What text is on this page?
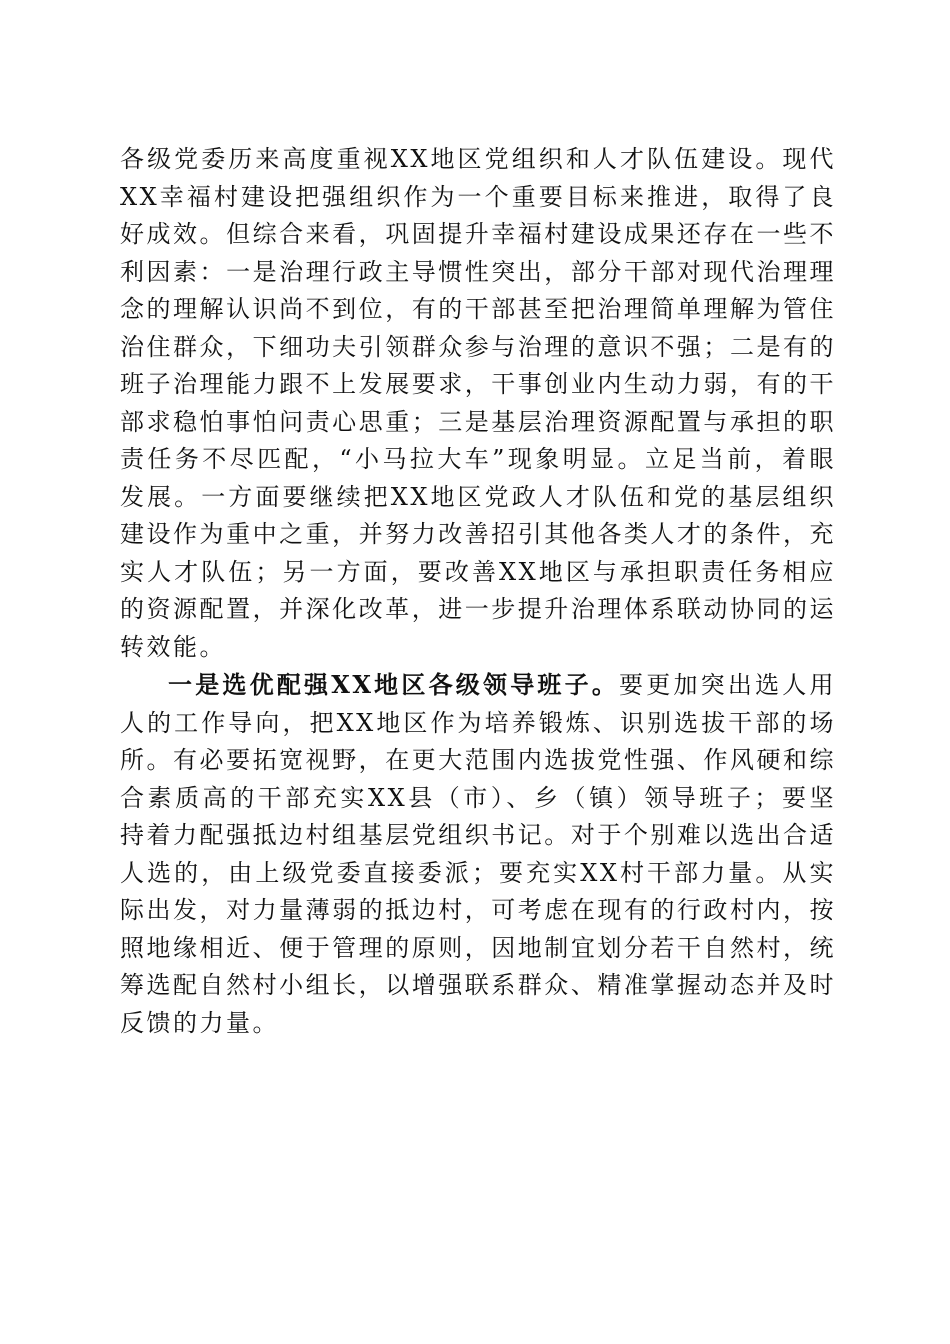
各级党委历来高度重视XX地区党组织和人才队伍建设。现代XX幸福村建设把强组织作为一个重要目标来推进，取得了良好成效。但综合来看，巩固提升幸福村建设成果还存在一些不利因素：一是治理行政主导惯性突出，部分干部对现代治理理念的理解认识尚不到位，有的干部甚至把治理简单理解为管住治住群众，下细功夫引领群众参与治理的意识不强；二是有的班子治理能力跟不上发展要求，干事创业内生动力弱，有的干部求稳怕事怕问责心思重；三是基层治理资源配置与承担的职责任务不尽匹配，“小马拉大车”现象明显。立足当前，着眼发展。一方面要继续把XX地区党政人才队伍和党的基层组织建设作为重中之重，并努力改善招引其他各类人才的条件，充实人才队伍；另一方面，要改善XX地区与承担职责任务相应的资源配置，并深化改革，进一步提升治理体系联动协同的运转效能。

一是选优配强XX地区各级领导班子。要更加突出选人用人的工作导向，把XX地区作为培养锻炼、识别选拔干部的场所。有必要拓宽视野，在更大范围内选拔党性强、作风硬和综合素质高的干部充实XX县（市）、乡（镇）领导班子；要坚持着力配强抵边村组基层党组织书记。对于个别难以选出合适人选的，由上级党委直接委派；要充实XX村干部力量。从实际出发，对力量薄弱的抵边村，可考虑在现有的行政村内，按照地缘相近、便于管理的原则，因地制宜划分若干自然村，统筹选配自然村小组长，以增强联系群众、精准掌握动态并及时反馈的力量。
